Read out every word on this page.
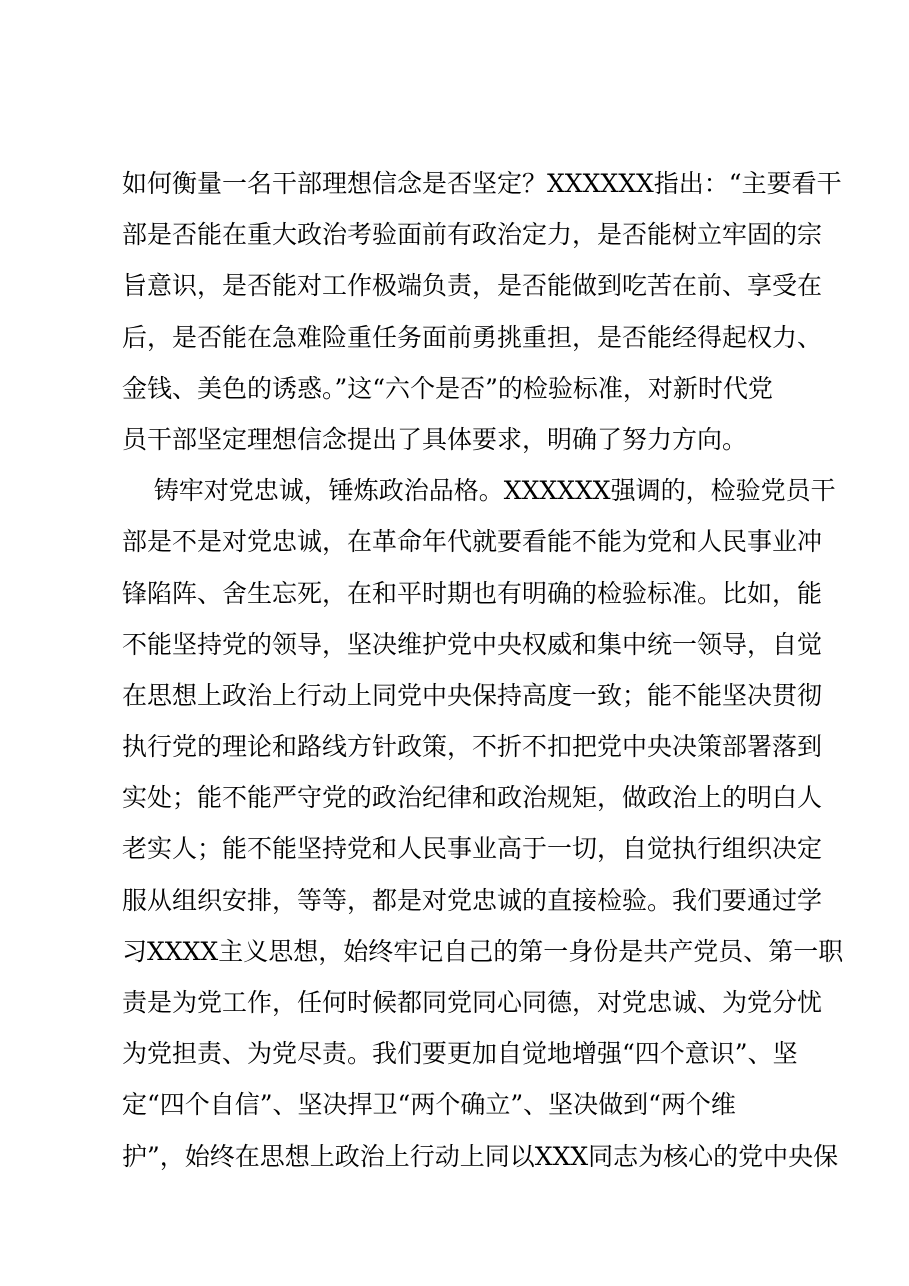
如何衡量一名干部理想信念是否坚定？XXXXXX指出：“主要看干
部是否能在重大政治考验面前有政治定力，是否能树立牢固的宗
旨意识，是否能对工作极端负责，是否能做到吃苦在前、享受在
后，是否能在急难险重任务面前勇挑重担，是否能经得起权力、
金钱、美色的诱惑。”这“六个是否”的检验标准，对新时代党
员干部坚定理想信念提出了具体要求，明确了努力方向。
铸牢对党忠诚，锤炼政治品格。XXXXXX强调的，检验党员干
部是不是对党忠诚，在革命年代就要看能不能为党和人民事业冲
锋陷阵、舍生忘死，在和平时期也有明确的检验标准。比如，能
不能坚持党的领导，坚决维护党中央权威和集中统一领导，自觉
在思想上政治上行动上同党中央保持高度一致；能不能坚决贯彻
执行党的理论和路线方针政策，不折不扣把党中央决策部署落到
实处；能不能严守党的政治纪律和政治规矩，做政治上的明白人
老实人；能不能坚持党和人民事业高于一切，自觉执行组织决定
服从组织安排，等等，都是对党忠诚的直接检验。我们要通过学
习XXXX主义思想，始终牢记自己的第一身份是共产党员、第一职
责是为党工作，任何时候都同党同心同德，对党忠诚、为党分忧
为党担责、为党尽责。我们要更加自觉地增强“四个意识”、坚
定“四个自信”、坚决捍卫“两个确立”、坚决做到“两个维
护”，始终在思想上政治上行动上同以XXX同志为核心的党中央保
